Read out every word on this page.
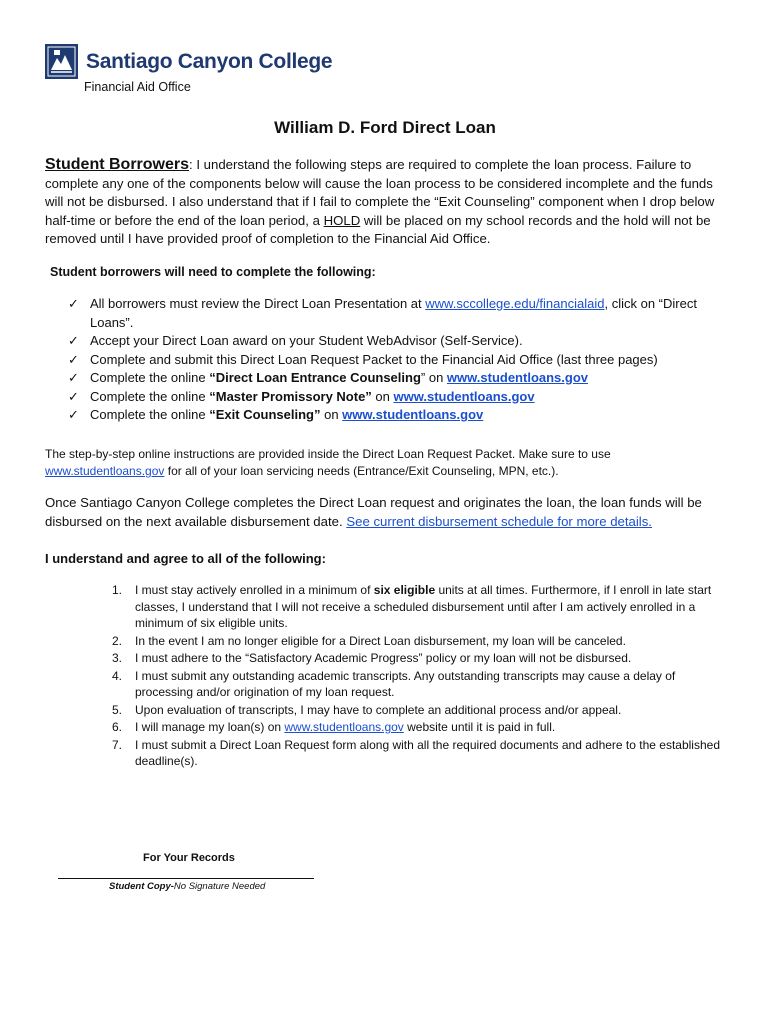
Santiago Canyon College
Financial Aid Office
William D. Ford Direct Loan
Student Borrowers: I understand the following steps are required to complete the loan process. Failure to complete any one of the components below will cause the loan process to be considered incomplete and the funds will not be disbursed. I also understand that if I fail to complete the “Exit Counseling” component when I drop below half-time or before the end of the loan period, a HOLD will be placed on my school records and the hold will not be removed until I have provided proof of completion to the Financial Aid Office.
Student borrowers will need to complete the following:
✓ All borrowers must review the Direct Loan Presentation at www.sccollege.edu/financialaid, click on “Direct Loans”.
✓ Accept your Direct Loan award on your Student WebAdvisor (Self-Service).
✓ Complete and submit this Direct Loan Request Packet to the Financial Aid Office (last three pages)
✓ Complete the online “Direct Loan Entrance Counseling” on www.studentloans.gov
✓ Complete the online “Master Promissory Note” on www.studentloans.gov
✓ Complete the online “Exit Counseling” on www.studentloans.gov
The step-by-step online instructions are provided inside the Direct Loan Request Packet. Make sure to use www.studentloans.gov for all of your loan servicing needs (Entrance/Exit Counseling, MPN, etc.).
Once Santiago Canyon College completes the Direct Loan request and originates the loan, the loan funds will be disbursed on the next available disbursement date. See current disbursement schedule for more details.
I understand and agree to all of the following:
1. I must stay actively enrolled in a minimum of six eligible units at all times. Furthermore, if I enroll in late start classes, I understand that I will not receive a scheduled disbursement until after I am actively enrolled in a minimum of six eligible units.
2. In the event I am no longer eligible for a Direct Loan disbursement, my loan will be canceled.
3. I must adhere to the “Satisfactory Academic Progress” policy or my loan will not be disbursed.
4. I must submit any outstanding academic transcripts. Any outstanding transcripts may cause a delay of processing and/or origination of my loan request.
5. Upon evaluation of transcripts, I may have to complete an additional process and/or appeal.
6. I will manage my loan(s) on www.studentloans.gov website until it is paid in full.
7. I must submit a Direct Loan Request form along with all the required documents and adhere to the established deadline(s).
For Your Records
Student Copy-No Signature Needed
